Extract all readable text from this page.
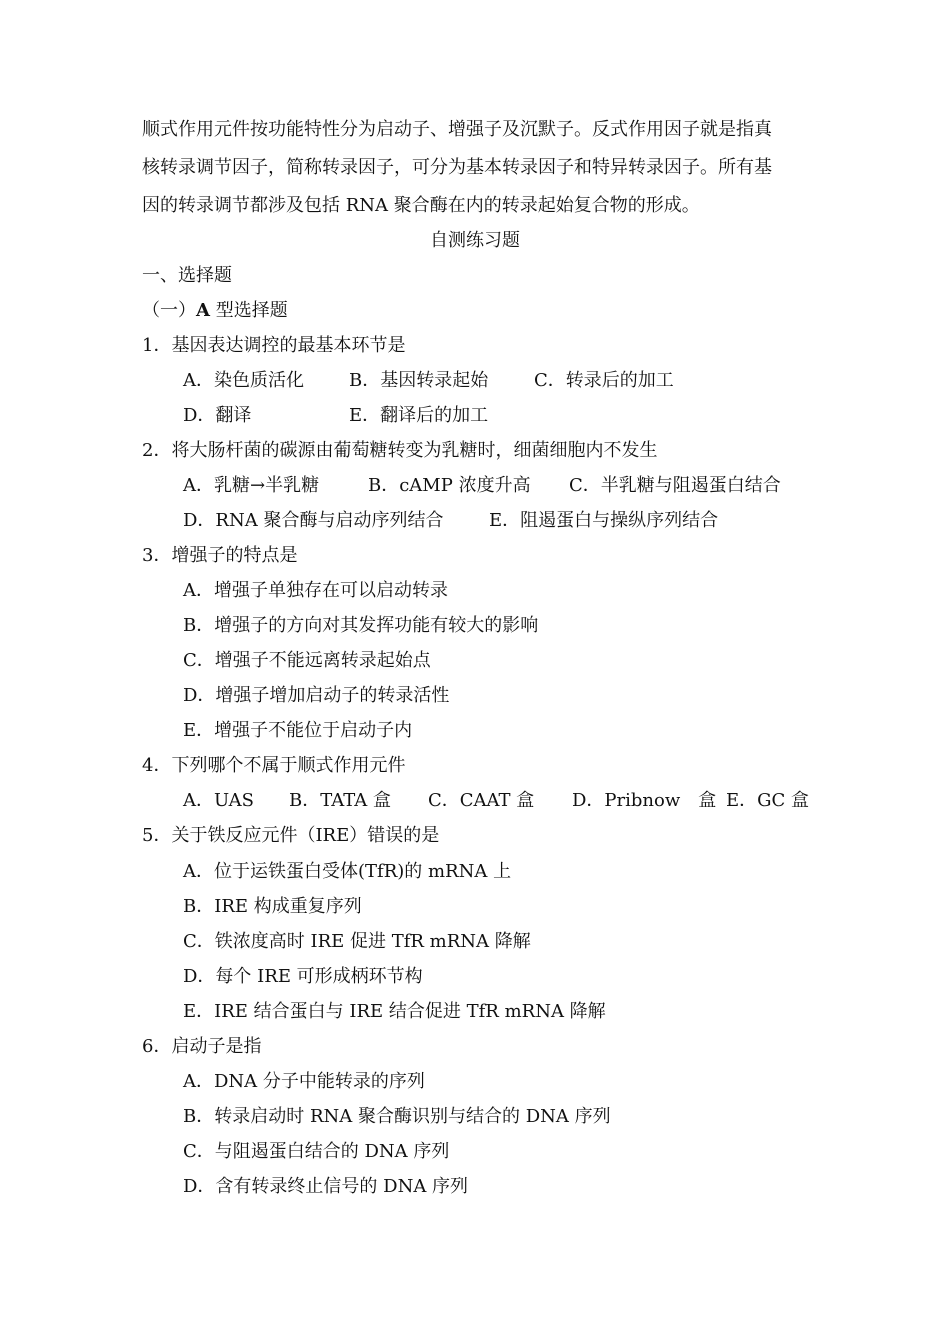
顺式作用元件按功能特性分为启动子、增强子及沉默子。反式作用因子就是指真
核转录调节因子，简称转录因子，可分为基本转录因子和特异转录因子。所有基
因的转录调节都涉及包括 RNA 聚合酶在内的转录起始复合物的形成。
自测练习题
一、选择题
（一）A 型选择题
1．基因表达调控的最基本环节是
A．染色质活化	B．基因转录起始	C．转录后的加工
D．翻译	E．翻译后的加工
2．将大肠杆菌的碳源由葡萄糖转变为乳糖时，细菌细胞内不发生
A．乳糖→半乳糖	B．cAMP 浓度升高 C．半乳糖与阻遏蛋白结合
D．RNA 聚合酶与启动序列结合	E．阻遏蛋白与操纵序列结合
3．增强子的特点是
A．增强子单独存在可以启动转录
B．增强子的方向对其发挥功能有较大的影响
C．增强子不能远离转录起始点
D．增强子增加启动子的转录活性
E．增强子不能位于启动子内
4．下列哪个不属于顺式作用元件
A．UAS B．TATA 盒 C．CAAT 盒 D．Pribnow　盒 E．GC 盒
5．关于铁反应元件（IRE）错误的是
A．位于运铁蛋白受体(TfR)的 mRNA 上
B．IRE 构成重复序列
C．铁浓度高时 IRE 促进 TfR mRNA 降解
D．每个 IRE 可形成柄环节构
E．IRE 结合蛋白与 IRE 结合促进 TfR mRNA 降解
6．启动子是指
A．DNA 分子中能转录的序列
B．转录启动时 RNA 聚合酶识别与结合的 DNA 序列
C．与阻遏蛋白结合的 DNA 序列
D．含有转录终止信号的 DNA 序列
